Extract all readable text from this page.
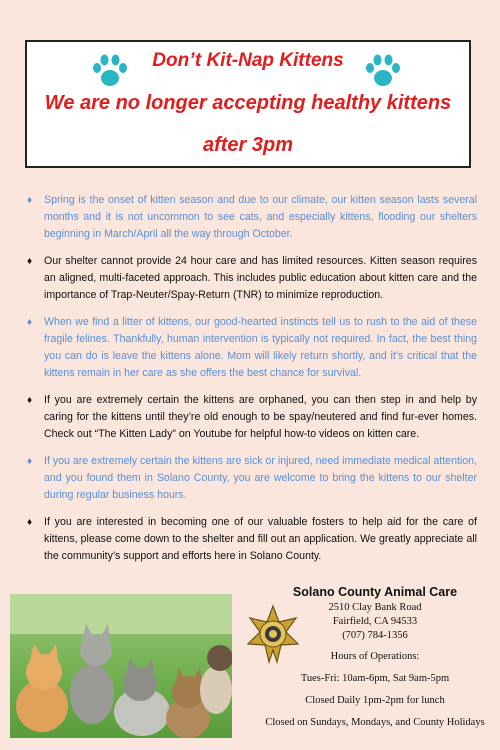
Don’t Kit-Nap Kittens
We are no longer accepting healthy kittens
after 3pm
♦ Spring is the onset of kitten season and due to our climate, our kitten season lasts several months and it is not uncommon to see cats, and especially kittens, flooding our shelters beginning in March/April all the way through October.
♦ Our shelter cannot provide 24 hour care and has limited resources. Kitten season requires an aligned, multi-faceted approach. This includes public education about kitten care and the importance of Trap-Neuter/Spay-Return (TNR) to minimize reproduction.
♦ When we find a litter of kittens, our good-hearted instincts tell us to rush to the aid of these fragile felines. Thankfully, human intervention is typically not required. In fact, the best thing you can do is leave the kittens alone. Mom will likely return shortly, and it’s critical that the kittens remain in her care as she offers the best chance for survival.
♦ If you are extremely certain the kittens are orphaned, you can then step in and help by caring for the kittens until they’re old enough to be spay/neutered and find fur-ever homes. Check out “The Kitten Lady” on Youtube for helpful how-to videos on kitten care.
♦ If you are extremely certain the kittens are sick or injured, need immediate medical attention, and you found them in Solano County, you are welcome to bring the kittens to our shelter during regular business hours.
♦ If you are interested in becoming one of our valuable fosters to help aid for the care of kittens, please come down to the shelter and fill out an application. We greatly appreciate all the community’s support and efforts here in Solano County.
Solano County Animal Care
2510 Clay Bank Road
Fairfield, CA 94533
(707) 784-1356
Hours of Operations:
Tues-Fri: 10am-6pm, Sat 9am-5pm
Closed Daily 1pm-2pm for lunch
Closed on Sundays, Mondays, and County Holidays
